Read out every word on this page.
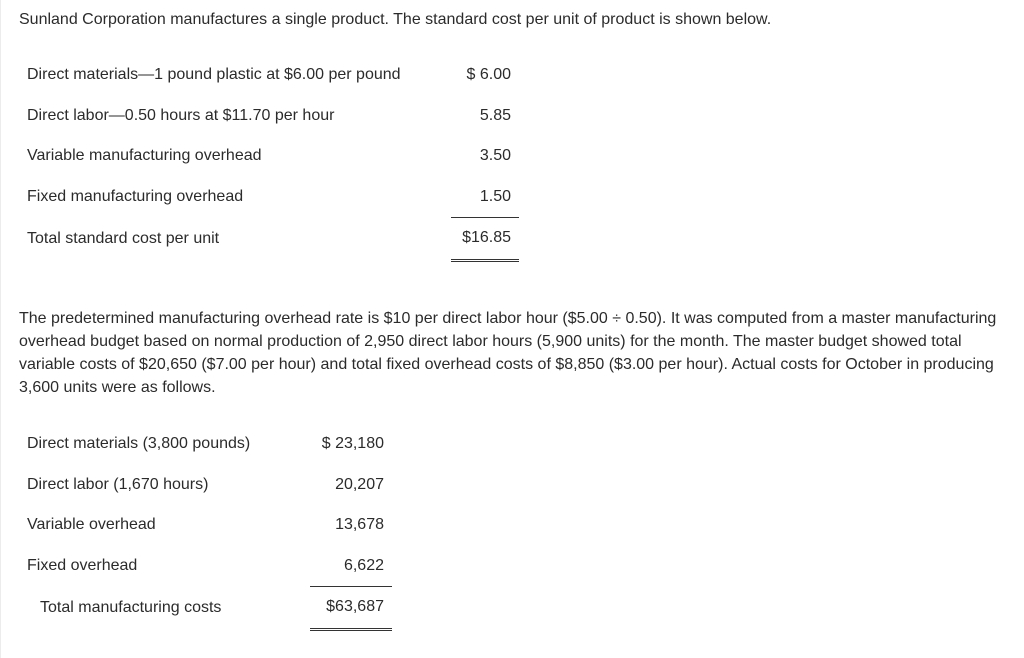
Sunland Corporation manufactures a single product. The standard cost per unit of product is shown below.
Direct materials—1 pound plastic at $6.00 per pound	$ 6.00
Direct labor—0.50 hours at $11.70 per hour	5.85
Variable manufacturing overhead	3.50
Fixed manufacturing overhead	1.50
Total standard cost per unit	$16.85
The predetermined manufacturing overhead rate is $10 per direct labor hour ($5.00 ÷ 0.50). It was computed from a master manufacturing overhead budget based on normal production of 2,950 direct labor hours (5,900 units) for the month. The master budget showed total variable costs of $20,650 ($7.00 per hour) and total fixed overhead costs of $8,850 ($3.00 per hour). Actual costs for October in producing 3,600 units were as follows.
Direct materials (3,800 pounds)	$ 23,180
Direct labor (1,670 hours)	20,207
Variable overhead	13,678
Fixed overhead	6,622
Total manufacturing costs	$63,687
